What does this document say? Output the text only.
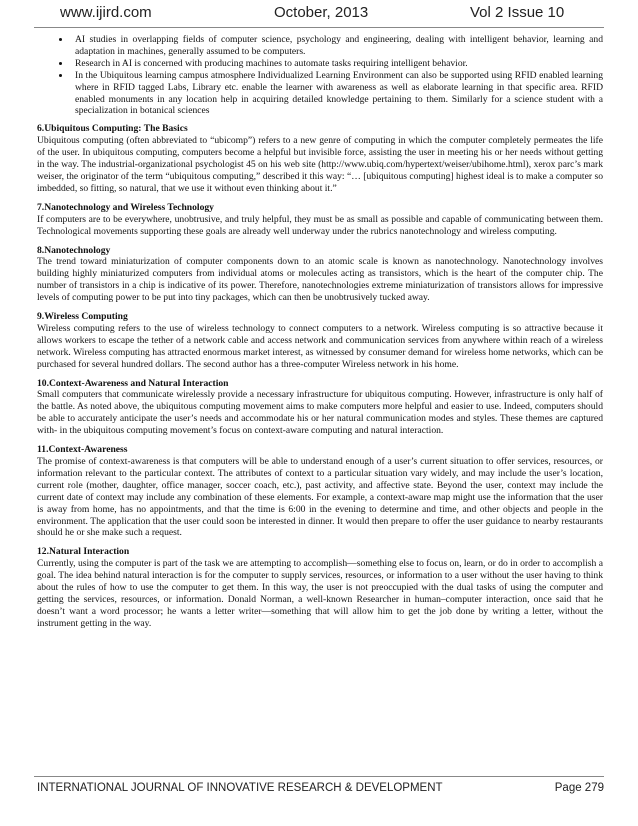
www.ijird.com	October, 2013	Vol 2 Issue 10
• AI studies in overlapping fields of computer science, psychology and engineering, dealing with intelligent behavior, learning and adaptation in machines, generally assumed to be computers.
• Research in AI is concerned with producing machines to automate tasks requiring intelligent behavior.
• In the Ubiquitous learning campus atmosphere Individualized Learning Environment can also be supported using RFID enabled learning where in RFID tagged Labs, Library etc. enable the learner with awareness as well as elaborate learning in that specific area. RFID enabled monuments in any location help in acquiring detailed knowledge pertaining to them. Similarly for a science student with a specialization in botanical sciences

6.Ubiquitous Computing: The Basics

Ubiquitous computing (often abbreviated to “ubicomp”) refers to a new genre of computing in which the computer completely permeates the life of the user. In ubiquitous computing, computers become a helpful but invisible force, assisting the user in meeting his or her needs without getting in the way. The industrial-organizational psychologist 45 on his web site (http://www.ubiq.com/hypertext/weiser/ubihome.html), xerox parc’s mark weiser, the originator of the term “ubiquitous computing,” described it this way: “… [ubiquitous computing] highest ideal is to make a computer so imbedded, so fitting, so natural, that we use it without even thinking about it.”

7.Nanotechnology and Wireless Technology

If computers are to be everywhere, unobtrusive, and truly helpful, they must be as small as possible and capable of communicating between them. Technological movements supporting these goals are already well underway under the rubrics nanotechnology and wireless computing.

8.Nanotechnology

The trend toward miniaturization of computer components down to an atomic scale is known as nanotechnology. Nanotechnology involves building highly miniaturized computers from individual atoms or molecules acting as transistors, which is the heart of the computer chip. The number of transistors in a chip is indicative of its power. Therefore, nanotechnologies extreme miniaturization of transistors allows for impressive levels of computing power to be put into tiny packages, which can then be unobtrusively tucked away.

9.Wireless Computing

Wireless computing refers to the use of wireless technology to connect computers to a network. Wireless computing is so attractive because it allows workers to escape the tether of a network cable and access network and communication services from anywhere within reach of a wireless network. Wireless computing has attracted enormous market interest, as witnessed by consumer demand for wireless home networks, which can be purchased for several hundred dollars. The second author has a three-computer Wireless network in his home.

10.Context-Awareness and Natural Interaction

Small computers that communicate wirelessly provide a necessary infrastructure for ubiquitous computing. However, infrastructure is only half of the battle. As noted above, the ubiquitous computing movement aims to make computers more helpful and easier to use. Indeed, computers should be able to accurately anticipate the user’s needs and accommodate his or her natural communication modes and styles. These themes are captured with- in the ubiquitous computing movement’s focus on context-aware computing and natural interaction.

11.Context-Awareness

The promise of context-awareness is that computers will be able to understand enough of a user’s current situation to offer services, resources, or information relevant to the particular context. The attributes of context to a particular situation vary widely, and may include the user’s location, current role (mother, daughter, office manager, soccer coach, etc.), past activity, and affective state. Beyond the user, context may include the current date of context may include any combination of these elements. For example, a context-aware map might use the information that the user is away from home, has no appointments, and that the time is 6:00 in the evening to determine and time, and other objects and people in the environment. The application that the user could soon be interested in dinner. It would then prepare to offer the user guidance to nearby restaurants should he or she make such a request.

12.Natural Interaction

Currently, using the computer is part of the task we are attempting to accomplish—something else to focus on, learn, or do in order to accomplish a goal. The idea behind natural interaction is for the computer to supply services, resources, or information to a user without the user having to think about the rules of how to use the computer to get them. In this way, the user is not preoccupied with the dual tasks of using the computer and getting the services, resources, or information. Donald Norman, a well-known Researcher in human–computer interaction, once said that he doesn’t want a word processor; he wants a letter writer—something that will allow him to get the job done by writing a letter, without the instrument getting in the way.

INTERNATIONAL JOURNAL OF INNOVATIVE RESEARCH & DEVELOPMENT	Page 279
